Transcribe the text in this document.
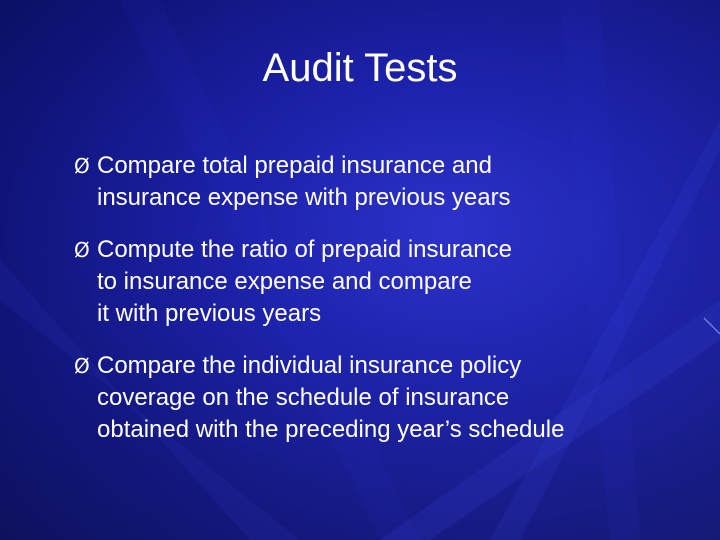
Audit Tests
Ø Compare total prepaid insurance and
insurance expense with previous years
Ø Compute the ratio of prepaid insurance
to insurance expense and compare
it with previous years
Ø Compare the individual insurance policy
coverage on the schedule of insurance
obtained with the preceding year’s schedule
